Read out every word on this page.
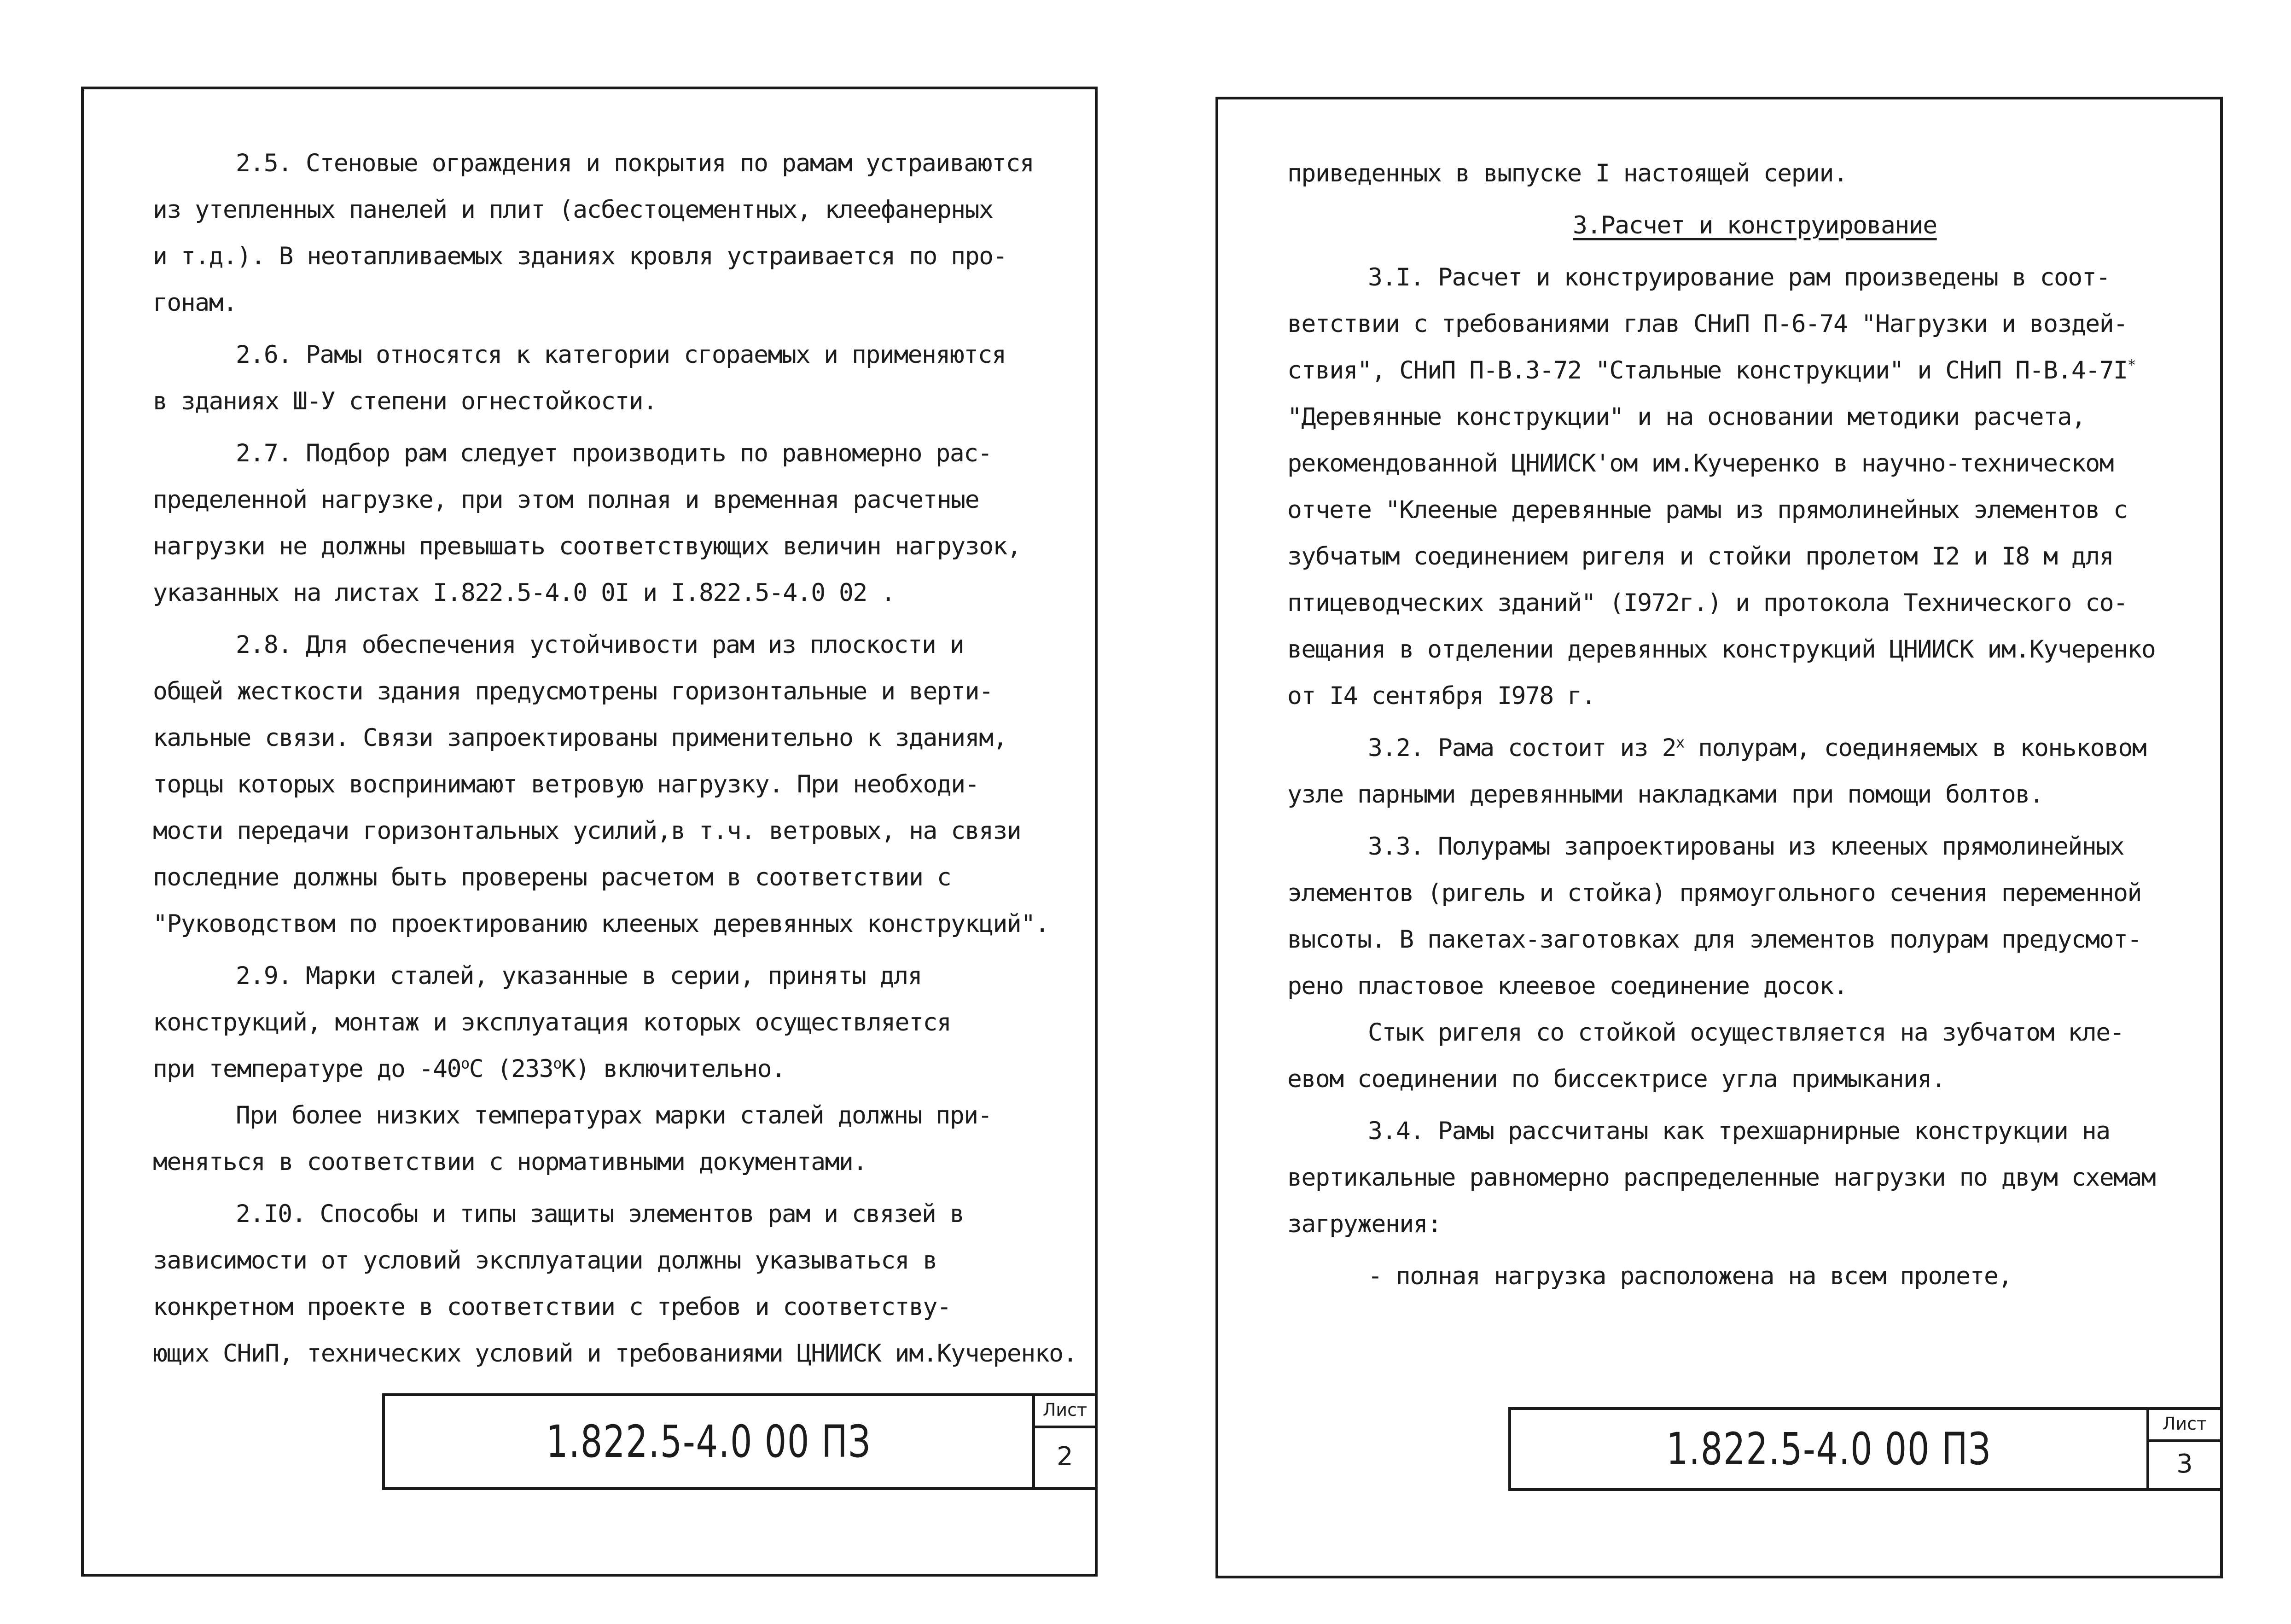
2.5. Стеновые ограждения и покрытия по рамам устраиваются
из утепленных панелей и плит (асбестоцементных, клеефанерных
и т.д.). В неотапливаемых зданиях кровля устраивается по про-
гонам.
2.6. Рамы относятся к категории сгораемых и применяются
в зданиях Ш-У степени огнестойкости.
2.7. Подбор рам следует производить по равномерно рас-
пределенной нагрузке, при этом полная и временная расчетные
нагрузки не должны превышать соответствующих величин нагрузок,
указанных на листах I.822.5-4.0 0I и I.822.5-4.0 02 .
2.8. Для обеспечения устойчивости рам из плоскости и
общей жесткости здания предусмотрены горизонтальные и верти-
кальные связи. Связи запроектированы применительно к зданиям,
торцы которых воспринимают ветровую нагрузку. При необходи-
мости передачи горизонтальных усилий,в т.ч. ветровых, на связи
последние должны быть проверены расчетом в соответствии с
"Руководством по проектированию клееных деревянных конструкций".
2.9. Марки сталей, указанные в серии, приняты для
конструкций, монтаж и эксплуатация которых осуществляется
при температуре до $-40^оС$ $(233^оК)$ включительно.
При более низких температурах марки сталей должны при-
меняться в соответствии с нормативными документами.
2.I0. Способы и типы защиты элементов рам и связей в
зависимости от условий эксплуатации должны указываться в
конкретном проекте в соответствии с требов и соответству-
ющих СНиП, технических условий и требованиями ЦНИИСК им.Кучеренко.
1.822.5-4.0 00 ПЗ
Лист
2
приведенных в выпуске I настоящей серии.
3.Расчет и конструирование
3.I. Расчет и конструирование рам произведены в соот-
ветствии с требованиями глав СНиП П-6-74 "Нагрузки и воздей-
ствия", СНиП П-В.3-72 "Стальные конструкции" и СНиП П-В.4-7I*
"Деревянные конструкции" и на основании методики расчета,
рекомендованной ЦНИИСК'ом им.Кучеренко в научно-техническом
отчете "Клееные деревянные рамы из прямолинейных элементов с
зубчатым соединением ригеля и стойки пролетом I2 и I8 м для
птицеводческих зданий" (I972г.) и протокола Технического со-
вещания в отделении деревянных конструкций ЦНИИСК им.Кучеренко
от I4 сентября I978 г.
3.2. Рама состоит из $2^х$ полурам, соединяемых в коньковом
узле парными деревянными накладками при помощи болтов.
3.3. Полурамы запроектированы из клееных прямолинейных
элементов (ригель и стойка) прямоугольного сечения переменной
высоты. В пакетах-заготовках для элементов полурам предусмот-
рено пластовое клеевое соединение досок.
Стык ригеля со стойкой осуществляется на зубчатом кле-
евом соединении по биссектрисе угла примыкания.
3.4. Рамы рассчитаны как трехшарнирные конструкции на
вертикальные равномерно распределенные нагрузки по двум схемам
загружения:
- полная нагрузка расположена на всем пролете,
1.822.5-4.0 00 ПЗ	Лист
3
